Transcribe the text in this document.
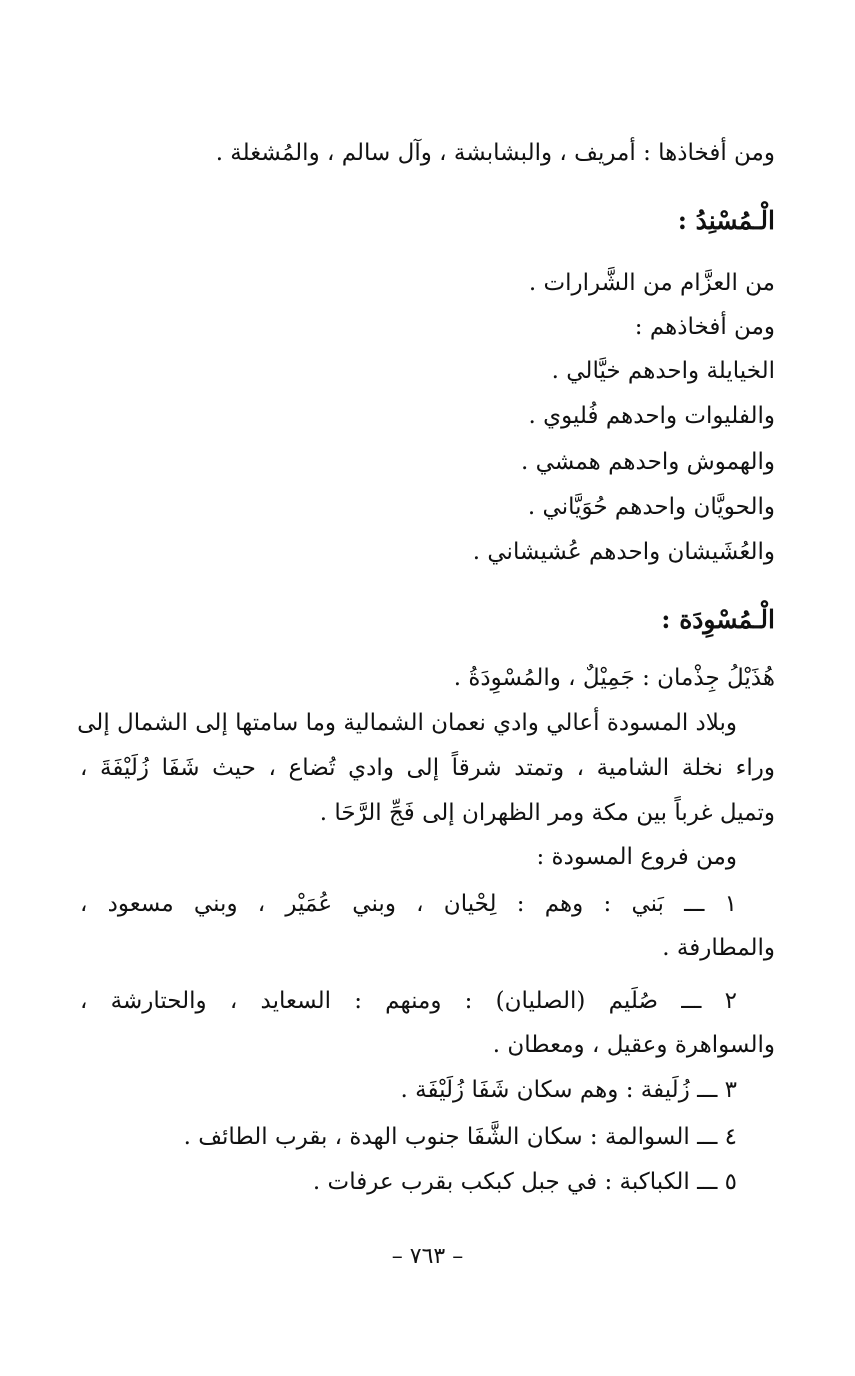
ومن أفخاذها : أمريف ، والبشابشة ، وآل سالم ، والمُشغلة .

الْـمُسْنِدُ :

من العزَّام من الشَّرارات .

ومن أفخاذهم :

الخيايلة واحدهم خيَّالي .

والفليوات واحدهم فُليوي .

والهموش واحدهم همشي .

والحويَّان واحدهم حُوَيَّاني .

والعُشَيشان واحدهم عُشيشاني .

الْـمُسْوِدَة :

هُذَيْلُ جِذْمان : جَمِيْلٌ ، والمُسْوِدَةُ .

وبلاد المسودة أعالي وادي نعمان الشمالية وما سامتها إلى الشمال إلى

وراء نخلة الشامية ، وتمتد شرقاً إلى وادي تُضاع ، حيث شَفَا زُلَيْفَةَ ،

وتميل غرباً بين مكة ومر الظهران إلى فَجِّ الرَّحَا .

ومن فروع المسودة :

١ ـــ بَني : وهم : لِحْيان ، وبني عُمَيْر ، وبني مسعود ،

والمطارفة .

٢ ـــ صُلَيم (الصليان) : ومنهم : السعايد ، والحتارشة ،

والسواهرة وعقيل ، ومعطان .

٣ ـــ زُلَيفة : وهم سكان شَفَا زُلَيْفَة .

٤ ـــ السوالمة : سكان الشَّفَا جنوب الهدة ، بقرب الطائف .

٥ ـــ الكباكبة : في جبل كبكب بقرب عرفات .

– ٧٦٣ –
